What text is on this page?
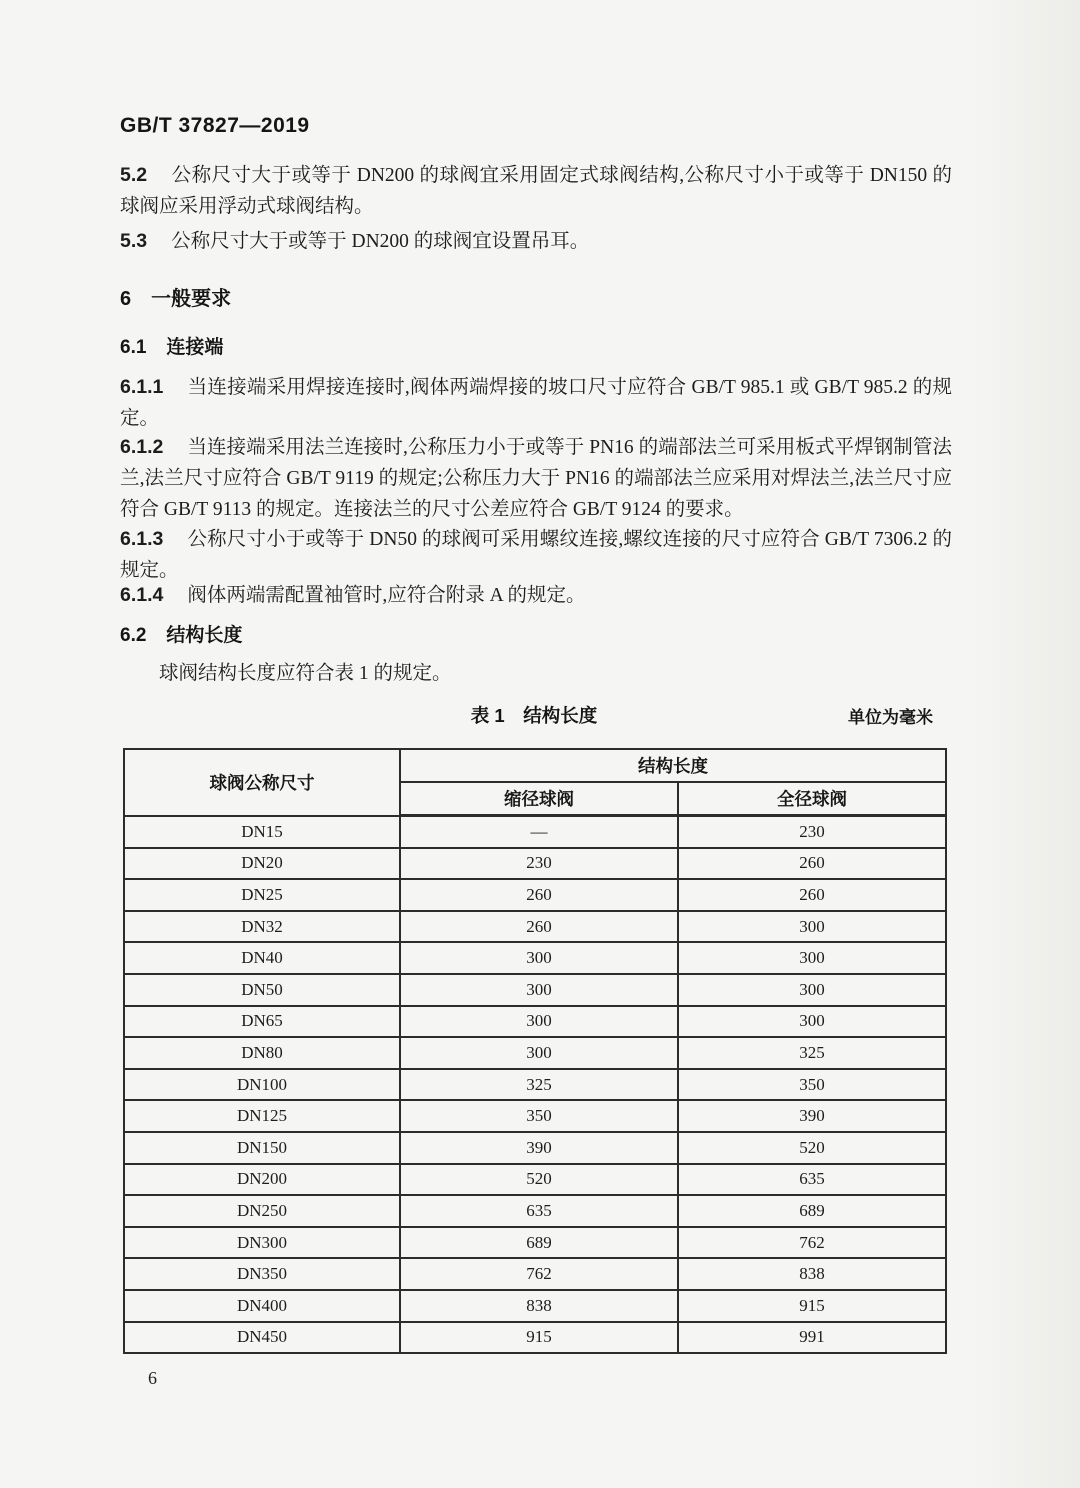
GB/T 37827—2019

5.2 公称尺寸大于或等于 DN200 的球阀宜采用固定式球阀结构,公称尺寸小于或等于 DN150 的球阀应采用浮动式球阀结构。

5.3 公称尺寸大于或等于 DN200 的球阀宜设置吊耳。

6 一般要求
6.1 连接端

6.1.1 当连接端采用焊接连接时,阀体两端焊接的坡口尺寸应符合 GB/T 985.1 或 GB/T 985.2 的规定。

6.1.2 当连接端采用法兰连接时,公称压力小于或等于 PN16 的端部法兰可采用板式平焊钢制管法兰,法兰尺寸应符合 GB/T 9119 的规定;公称压力大于 PN16 的端部法兰应采用对焊法兰,法兰尺寸应符合 GB/T 9113 的规定。连接法兰的尺寸公差应符合 GB/T 9124 的要求。

6.1.3 公称尺寸小于或等于 DN50 的球阀可采用螺纹连接,螺纹连接的尺寸应符合 GB/T 7306.2 的规定。

6.1.4 阀体两端需配置袖管时,应符合附录 A 的规定。

6.2 结构长度

球阀结构长度应符合表 1 的规定。

表 1　结构长度	单位为毫米
球阀公称尺寸	结构长度	
	缩径球阀	全径球阀
DN15	—	230
DN20	230	260
DN25	260	260
DN32	260	300
DN40	300	300
DN50	300	300
DN65	300	300
DN80	300	325
DN100	325	350
DN125	350	390
DN150	390	520
DN200	520	635
DN250	635	689
DN300	689	762
DN350	762	838
DN400	838	915
DN450	915	991
6
